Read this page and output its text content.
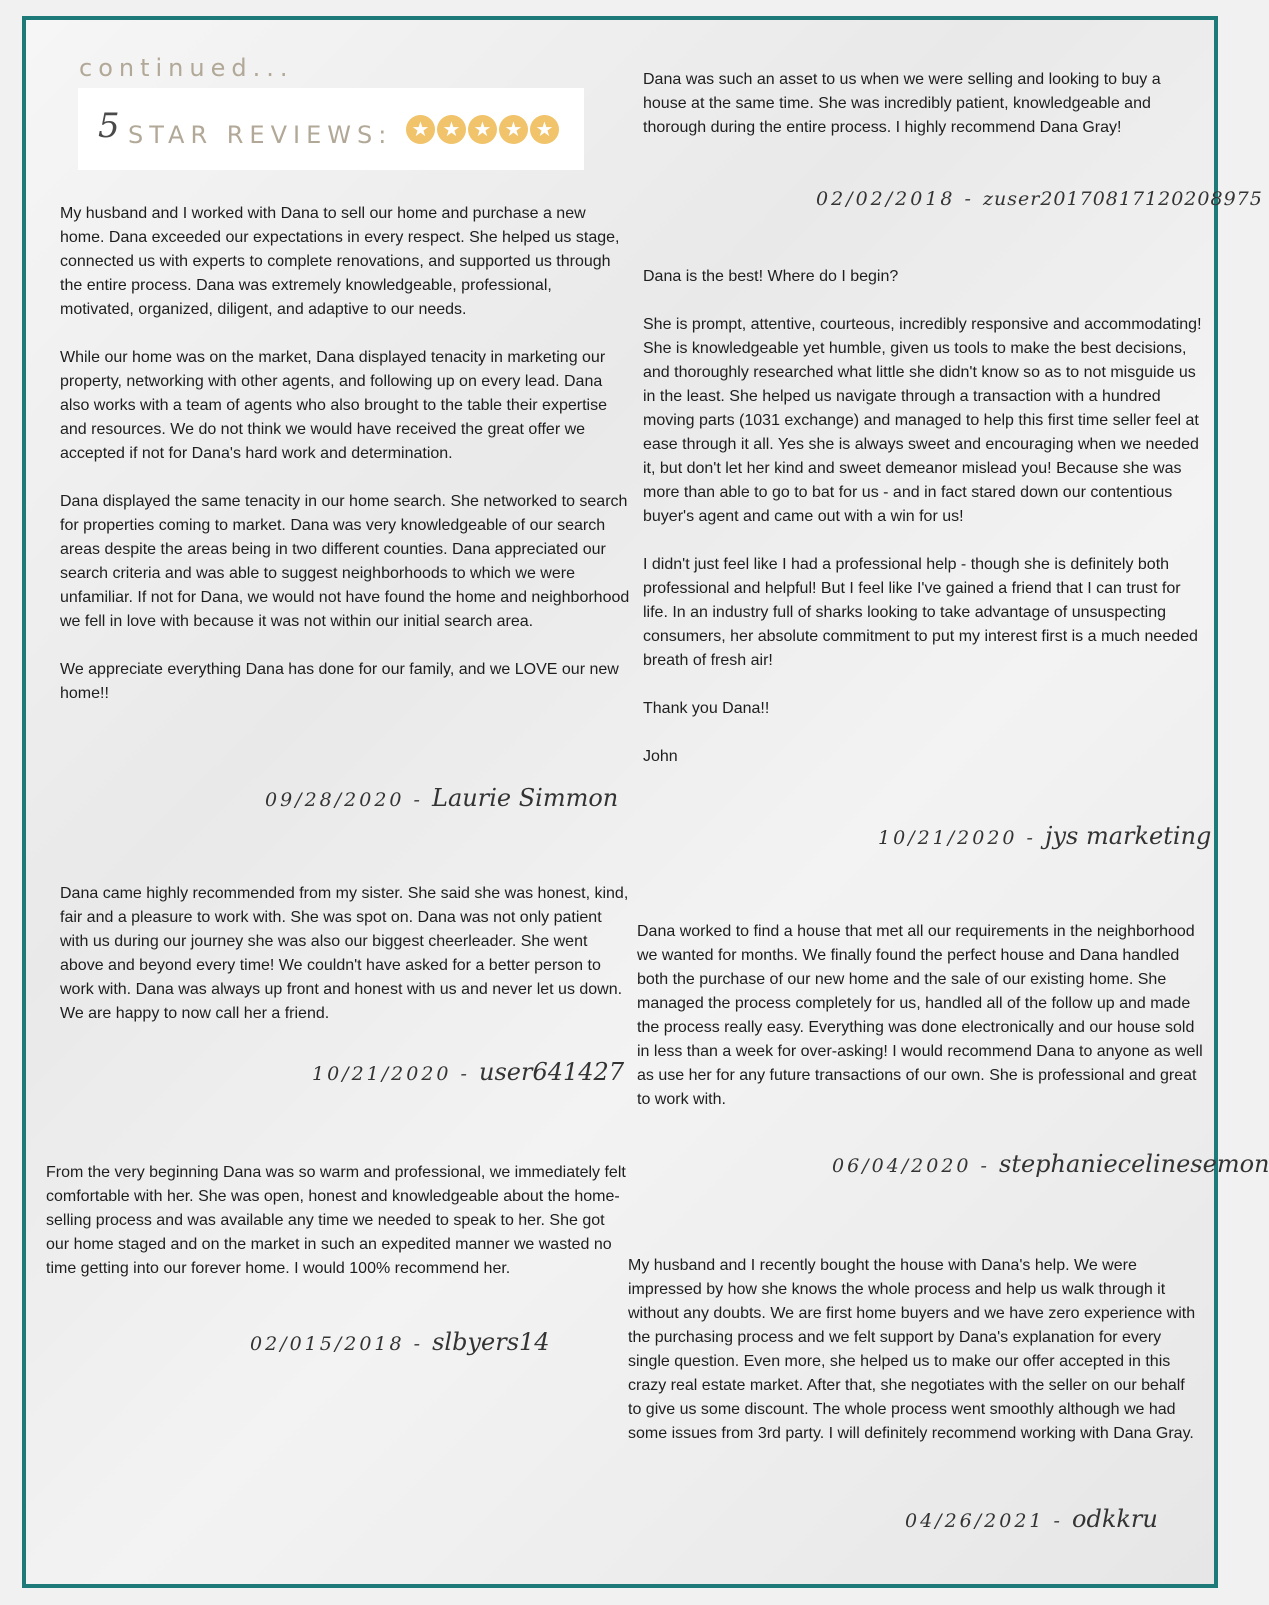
continued...
5 STAR REVIEWS: ★ ★ ★ ★ ★

My husband and I worked with Dana to sell our home and purchase a new home. Dana exceeded our expectations in every respect. She helped us stage, connected us with experts to complete renovations, and supported us through the entire process. Dana was extremely knowledgeable, professional, motivated, organized, diligent, and adaptive to our needs.

While our home was on the market, Dana displayed tenacity in marketing our property, networking with other agents, and following up on every lead. Dana also works with a team of agents who also brought to the table their expertise and resources. We do not think we would have received the great offer we accepted if not for Dana's hard work and determination.

Dana displayed the same tenacity in our home search. She networked to search for properties coming to market. Dana was very knowledgeable of our search areas despite the areas being in two different counties. Dana appreciated our search criteria and was able to suggest neighborhoods to which we were unfamiliar. If not for Dana, we would not have found the home and neighborhood we fell in love with because it was not within our initial search area.

We appreciate everything Dana has done for our family, and we LOVE our new home!!

09/28/2020 - Laurie Simmon

Dana came highly recommended from my sister. She said she was honest, kind, fair and a pleasure to work with. She was spot on. Dana was not only patient with us during our journey she was also our biggest cheerleader. She went above and beyond every time! We couldn't have asked for a better person to work with. Dana was always up front and honest with us and never let us down. We are happy to now call her a friend.

10/21/2020 - user641427

From the very beginning Dana was so warm and professional, we immediately felt comfortable with her. She was open, honest and knowledgeable about the home-selling process and was available any time we needed to speak to her. She got our home staged and on the market in such an expedited manner we wasted no time getting into our forever home. I would 100% recommend her.

02/015/2018 - slbyers14

Dana was such an asset to us when we were selling and looking to buy a house at the same time. She was incredibly patient, knowledgeable and thorough during the entire process. I highly recommend Dana Gray!

02/02/2018 - zuser20170817120208975

Dana is the best! Where do I begin?

She is prompt, attentive, courteous, incredibly responsive and accommodating! She is knowledgeable yet humble, given us tools to make the best decisions, and thoroughly researched what little she didn't know so as to not misguide us in the least. She helped us navigate through a transaction with a hundred moving parts (1031 exchange) and managed to help this first time seller feel at ease through it all. Yes she is always sweet and encouraging when we needed it, but don't let her kind and sweet demeanor mislead you! Because she was more than able to go to bat for us - and in fact stared down our contentious buyer's agent and came out with a win for us!

I didn't just feel like I had a professional help - though she is definitely both professional and helpful! But I feel like I've gained a friend that I can trust for life. In an industry full of sharks looking to take advantage of unsuspecting consumers, her absolute commitment to put my interest first is a much needed breath of fresh air!

Thank you Dana!!

John

10/21/2020 - jys marketing

Dana worked to find a house that met all our requirements in the neighborhood we wanted for months. We finally found the perfect house and Dana handled both the purchase of our new home and the sale of our existing home. She managed the process completely for us, handled all of the follow up and made the process really easy. Everything was done electronically and our house sold in less than a week for over-asking! I would recommend Dana to anyone as well as use her for any future transactions of our own. She is professional and great to work with.

06/04/2020 - stephaniecelinesemon

My husband and I recently bought the house with Dana's help. We were impressed by how she knows the whole process and help us walk through it without any doubts. We are first home buyers and we have zero experience with the purchasing process and we felt support by Dana's explanation for every single question. Even more, she helped us to make our offer accepted in this crazy real estate market. After that, she negotiates with the seller on our behalf to give us some discount. The whole process went smoothly although we had some issues from 3rd party. I will definitely recommend working with Dana Gray.

04/26/2021 - odkkru
